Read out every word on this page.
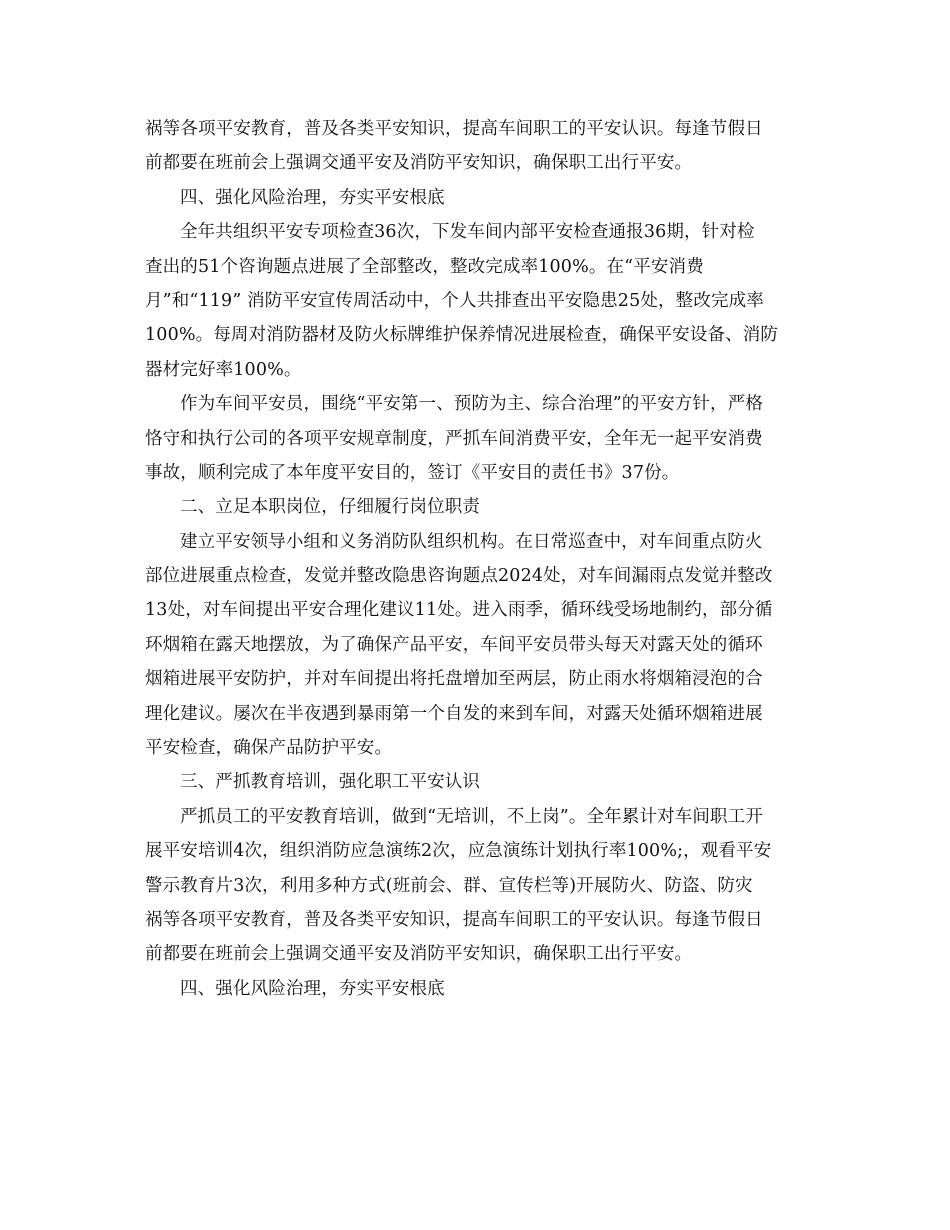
祸等各项平安教育，普及各类平安知识，提高车间职工的平安认识。每逢节假日
前都要在班前会上强调交通平安及消防平安知识，确保职工出行平安。
四、强化风险治理，夯实平安根底
全年共组织平安专项检查36次，下发车间内部平安检查通报36期，针对检
查出的51个咨询题点进展了全部整改，整改完成率100%。在“平安消费
月”和“119” 消防平安宣传周活动中，个人共排查出平安隐患25处，整改完成率
100%。每周对消防器材及防火标牌维护保养情况进展检查，确保平安设备、消防
器材完好率100%。
作为车间平安员，围绕“平安第一、预防为主、综合治理”的平安方针，严格
恪守和执行公司的各项平安规章制度，严抓车间消费平安，全年无一起平安消费
事故，顺利完成了本年度平安目的，签订《平安目的责任书》37份。
二、立足本职岗位，仔细履行岗位职责
建立平安领导小组和义务消防队组织机构。在日常巡查中，对车间重点防火
部位进展重点检查，发觉并整改隐患咨询题点2024处，对车间漏雨点发觉并整改
13处，对车间提出平安合理化建议11处。进入雨季，循环线受场地制约，部分循
环烟箱在露天地摆放，为了确保产品平安，车间平安员带头每天对露天处的循环
烟箱进展平安防护，并对车间提出将托盘增加至两层，防止雨水将烟箱浸泡的合
理化建议。屡次在半夜遇到暴雨第一个自发的来到车间，对露天处循环烟箱进展
平安检查，确保产品防护平安。
三、严抓教育培训，强化职工平安认识
严抓员工的平安教育培训，做到“无培训，不上岗”。全年累计对车间职工开
展平安培训4次，组织消防应急演练2次，应急演练计划执行率100%;，观看平安
警示教育片3次，利用多种方式(班前会、群、宣传栏等)开展防火、防盗、防灾
祸等各项平安教育，普及各类平安知识，提高车间职工的平安认识。每逢节假日
前都要在班前会上强调交通平安及消防平安知识，确保职工出行平安。
四、强化风险治理，夯实平安根底
